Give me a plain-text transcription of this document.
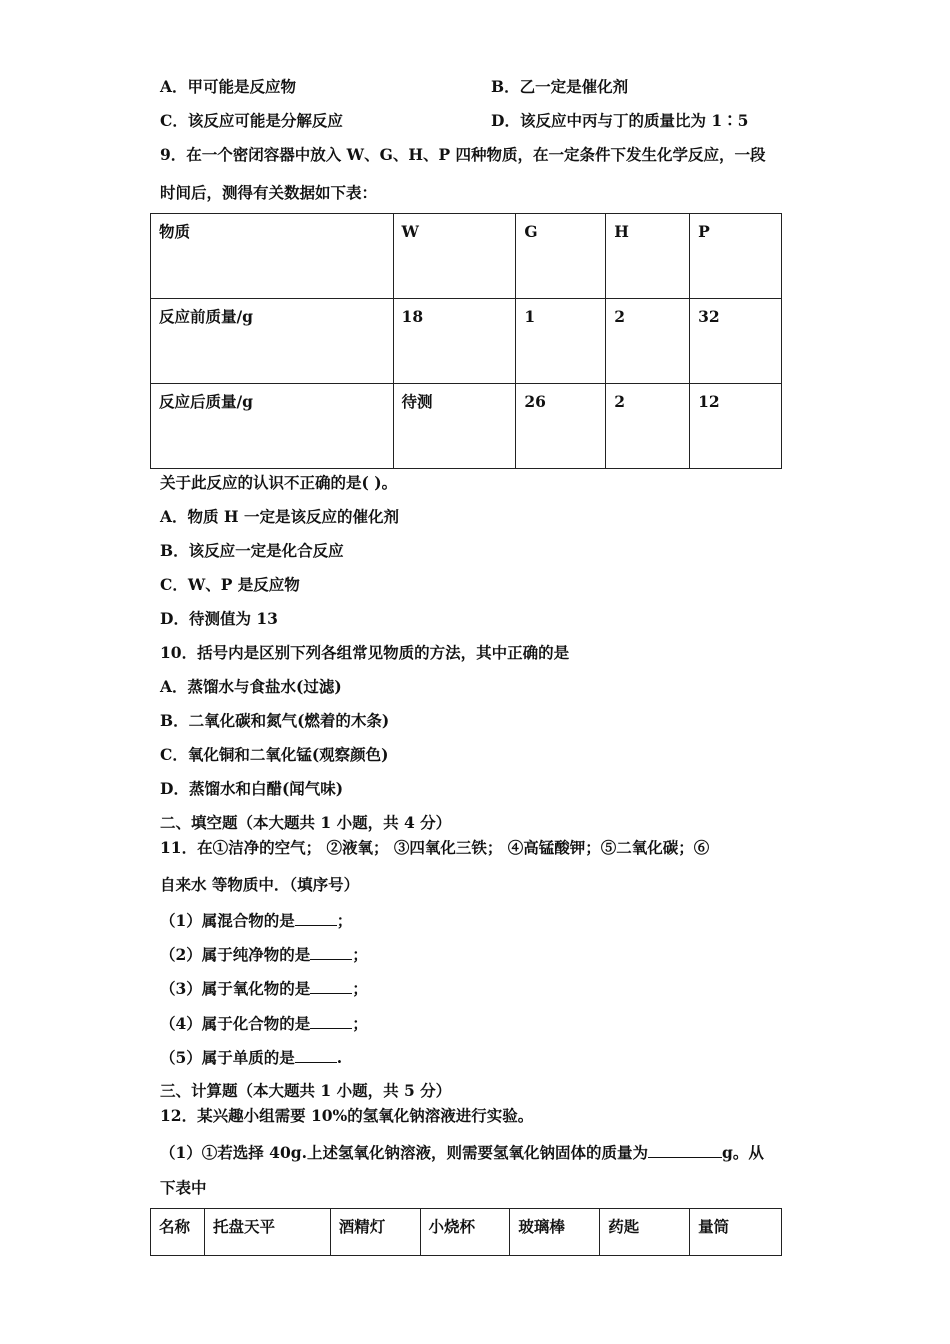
A．甲可能是反应物	B．乙一定是催化剂
C．该反应可能是分解反应	D．该反应中丙与丁的质量比为 1∶5
9．在一个密闭容器中放入 W、G、H、P 四种物质，在一定条件下发生化学反应，一段
时间后，测得有关数据如下表：
物质	W	G	H	P
反应前质量/g	18	1	2	32
反应后质量/g	待测	26	2	12
关于此反应的认识不正确的是( )。
A．物质 H 一定是该反应的催化剂
B．该反应一定是化合反应
C．W、P 是反应物
D．待测值为 13
10．括号内是区别下列各组常见物质的方法，其中正确的是
A．蒸馏水与食盐水(过滤)
B．二氧化碳和氮气(燃着的木条)
C．氧化铜和二氧化锰(观察颜色)
D．蒸馏水和白醋(闻气味)
二、填空题（本大题共 1 小题，共 4 分）
11．在①洁净的空气； ②液氧； ③四氧化三铁； ④高锰酸钾；⑤二氧化碳；⑥
自来水 等物质中．（填序号）
（1）属混合物的是	；
（2）属于纯净物的是	；
（3）属于氧化物的是	；
（4）属于化合物的是	；
（5）属于单质的是	.
三、计算题（本大题共 1 小题，共 5 分）
12．某兴趣小组需要 10%的氢氧化钠溶液进行实验。
（1）①若选择 40g.上述氢氧化钠溶液，则需要氢氧化钠固体的质量为	g。从
下表中
名称	托盘天平	酒精灯	小烧杯	玻璃棒	药匙	量筒
